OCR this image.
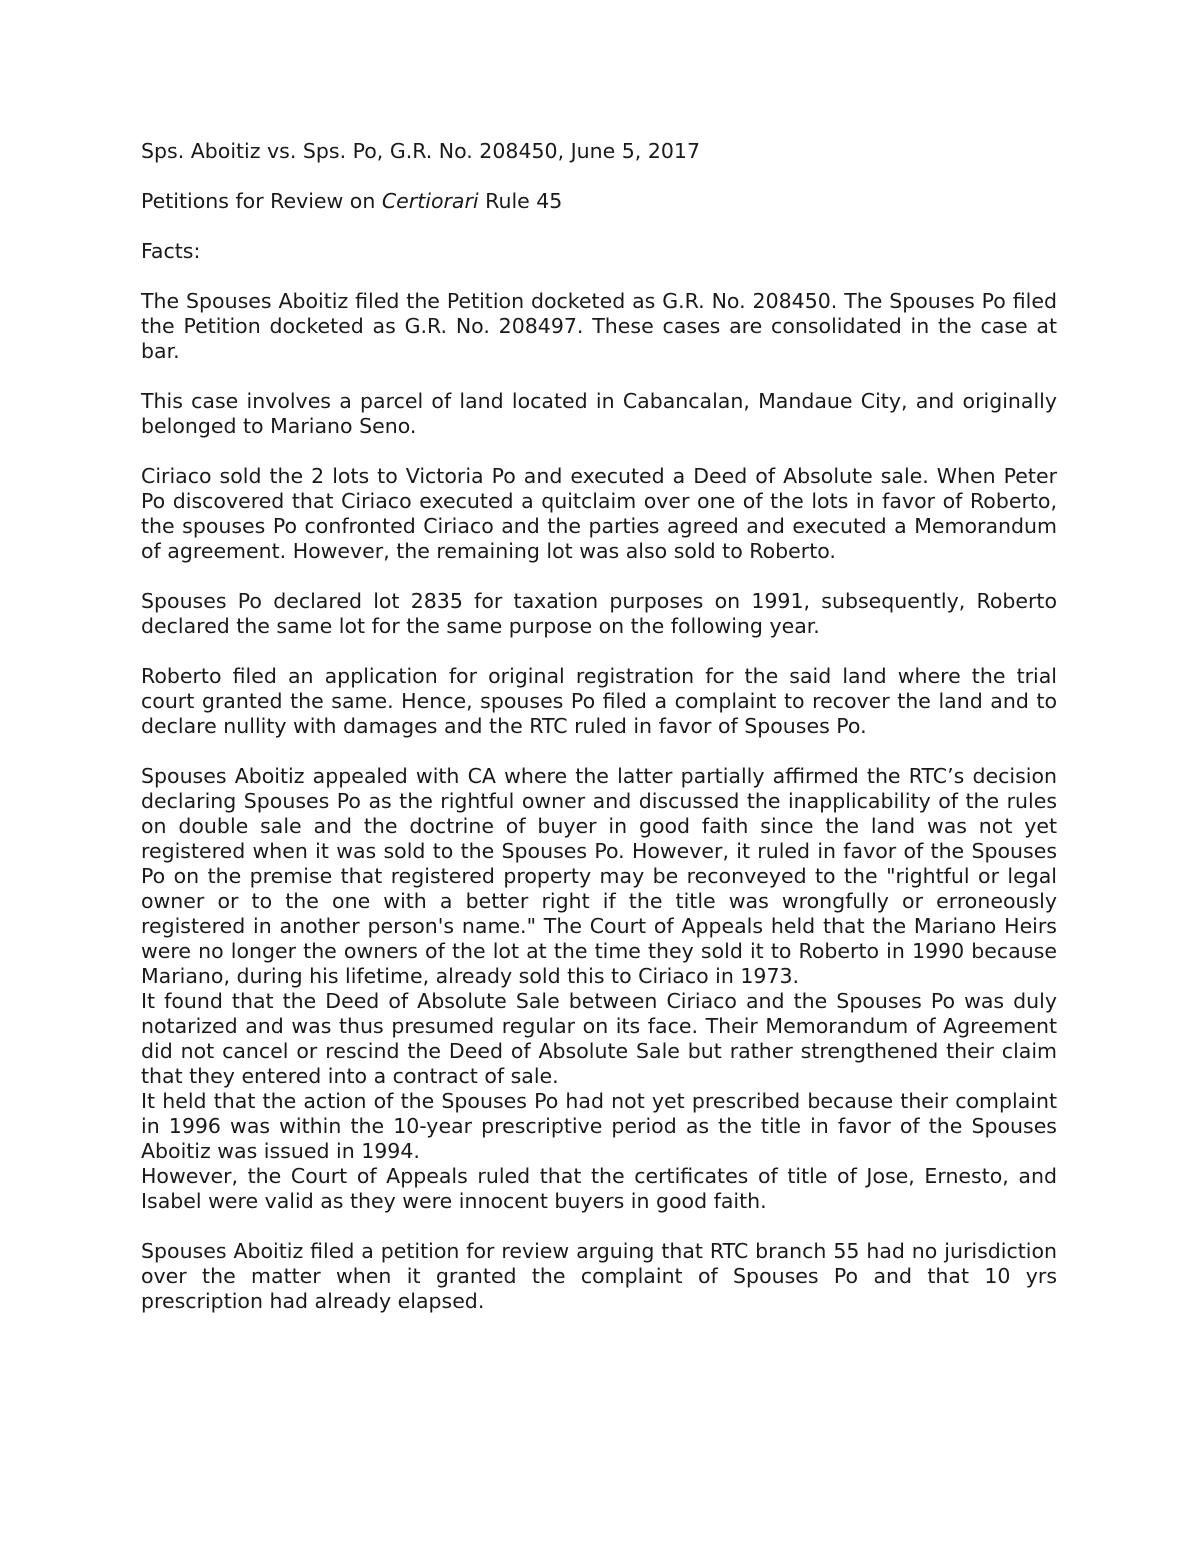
Sps. Aboitiz vs. Sps. Po, G.R. No. 208450, June 5, 2017

Petitions for Review on Certiorari Rule 45

Facts:

The Spouses Aboitiz filed the Petition docketed as G.R. No. 208450. The Spouses Po filed the Petition docketed as G.R. No. 208497. These cases are consolidated in the case at bar.

This case involves a parcel of land located in Cabancalan, Mandaue City, and originally belonged to Mariano Seno.

Ciriaco sold the 2 lots to Victoria Po and executed a Deed of Absolute sale. When Peter Po discovered that Ciriaco executed a quitclaim over one of the lots in favor of Roberto, the spouses Po confronted Ciriaco and the parties agreed and executed a Memorandum of agreement. However, the remaining lot was also sold to Roberto.

Spouses Po declared lot 2835 for taxation purposes on 1991, subsequently, Roberto declared the same lot for the same purpose on the following year.

Roberto filed an application for original registration for the said land where the trial court granted the same. Hence, spouses Po filed a complaint to recover the land and to declare nullity with damages and the RTC ruled in favor of Spouses Po.

Spouses Aboitiz appealed with CA where the latter partially affirmed the RTC’s decision declaring Spouses Po as the rightful owner and discussed the inapplicability of the rules on double sale and the doctrine of buyer in good faith since the land was not yet registered when it was sold to the Spouses Po. However, it ruled in favor of the Spouses Po on the premise that registered property may be reconveyed to the "rightful or legal owner or to the one with a better right if the title was wrongfully or erroneously registered in another person's name." The Court of Appeals held that the Mariano Heirs were no longer the owners of the lot at the time they sold it to Roberto in 1990 because Mariano, during his lifetime, already sold this to Ciriaco in 1973.

It found that the Deed of Absolute Sale between Ciriaco and the Spouses Po was duly notarized and was thus presumed regular on its face. Their Memorandum of Agreement did not cancel or rescind the Deed of Absolute Sale but rather strengthened their claim that they entered into a contract of sale.

It held that the action of the Spouses Po had not yet prescribed because their complaint in 1996 was within the 10-year prescriptive period as the title in favor of the Spouses Aboitiz was issued in 1994.

However, the Court of Appeals ruled that the certificates of title of Jose, Ernesto, and Isabel were valid as they were innocent buyers in good faith.

Spouses Aboitiz filed a petition for review arguing that RTC branch 55 had no jurisdiction over the matter when it granted the complaint of Spouses Po and that 10 yrs prescription had already elapsed.
